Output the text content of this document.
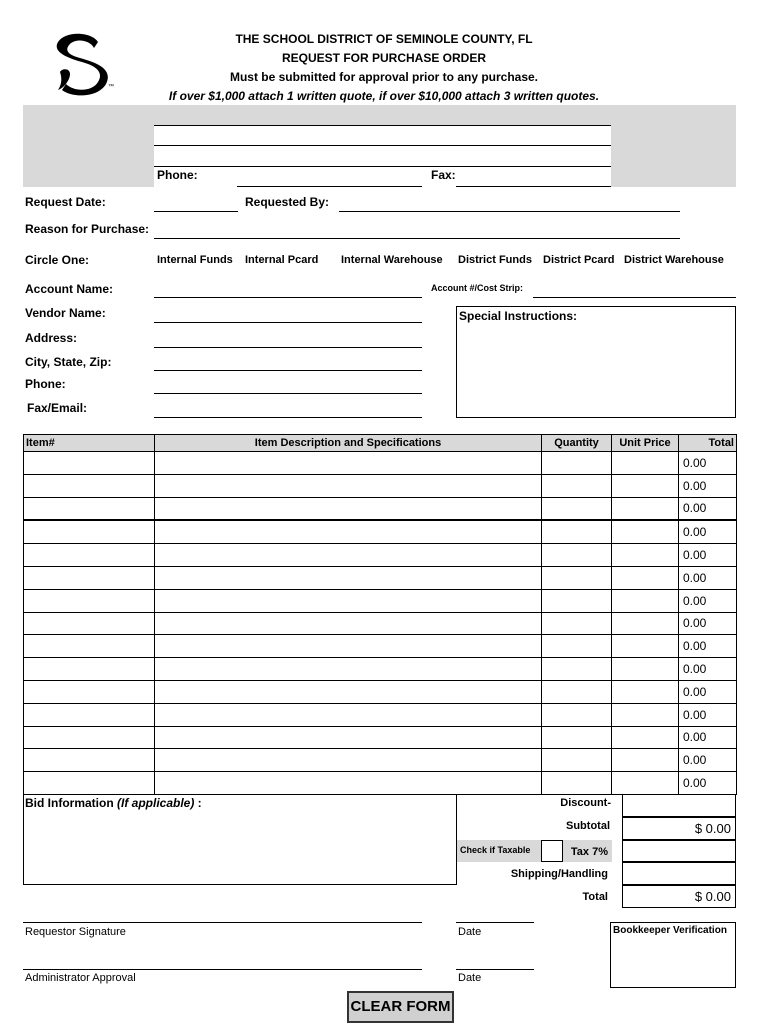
™
THE SCHOOL DISTRICT OF SEMINOLE COUNTY, FL
REQUEST FOR PURCHASE ORDER
Must be submitted for approval prior to any purchase.
If over $1,000 attach 1 written quote, if over $10,000 attach 3 written quotes.
Phone:	Fax:
Request Date:	Requested By:
Reason for Purchase:
Circle One:	Internal Funds Internal Pcard Internal Warehouse District Funds District Pcard District Warehouse
Account Name:	Account #/Cost Strip:
Vendor Name:
Address:
City, State, Zip:
Phone:
Fax/Email:
Special Instructions:
Item#	Item Description and Specifications	Quantity	Unit Price	Total
				0.00
				0.00
				0.00
				0.00
				0.00
				0.00
				0.00
				0.00
				0.00
				0.00
				0.00
				0.00
				0.00
				0.00
				0.00
Bid Information (If applicable) :	Discount-
Subtotal	$ 0.00
Check if Taxable	Tax 7%
Shipping/Handling
Total	$ 0.00
Requestor Signature	Date
Administrator Approval	Date
Bookkeeper Verification
CLEAR FORM
